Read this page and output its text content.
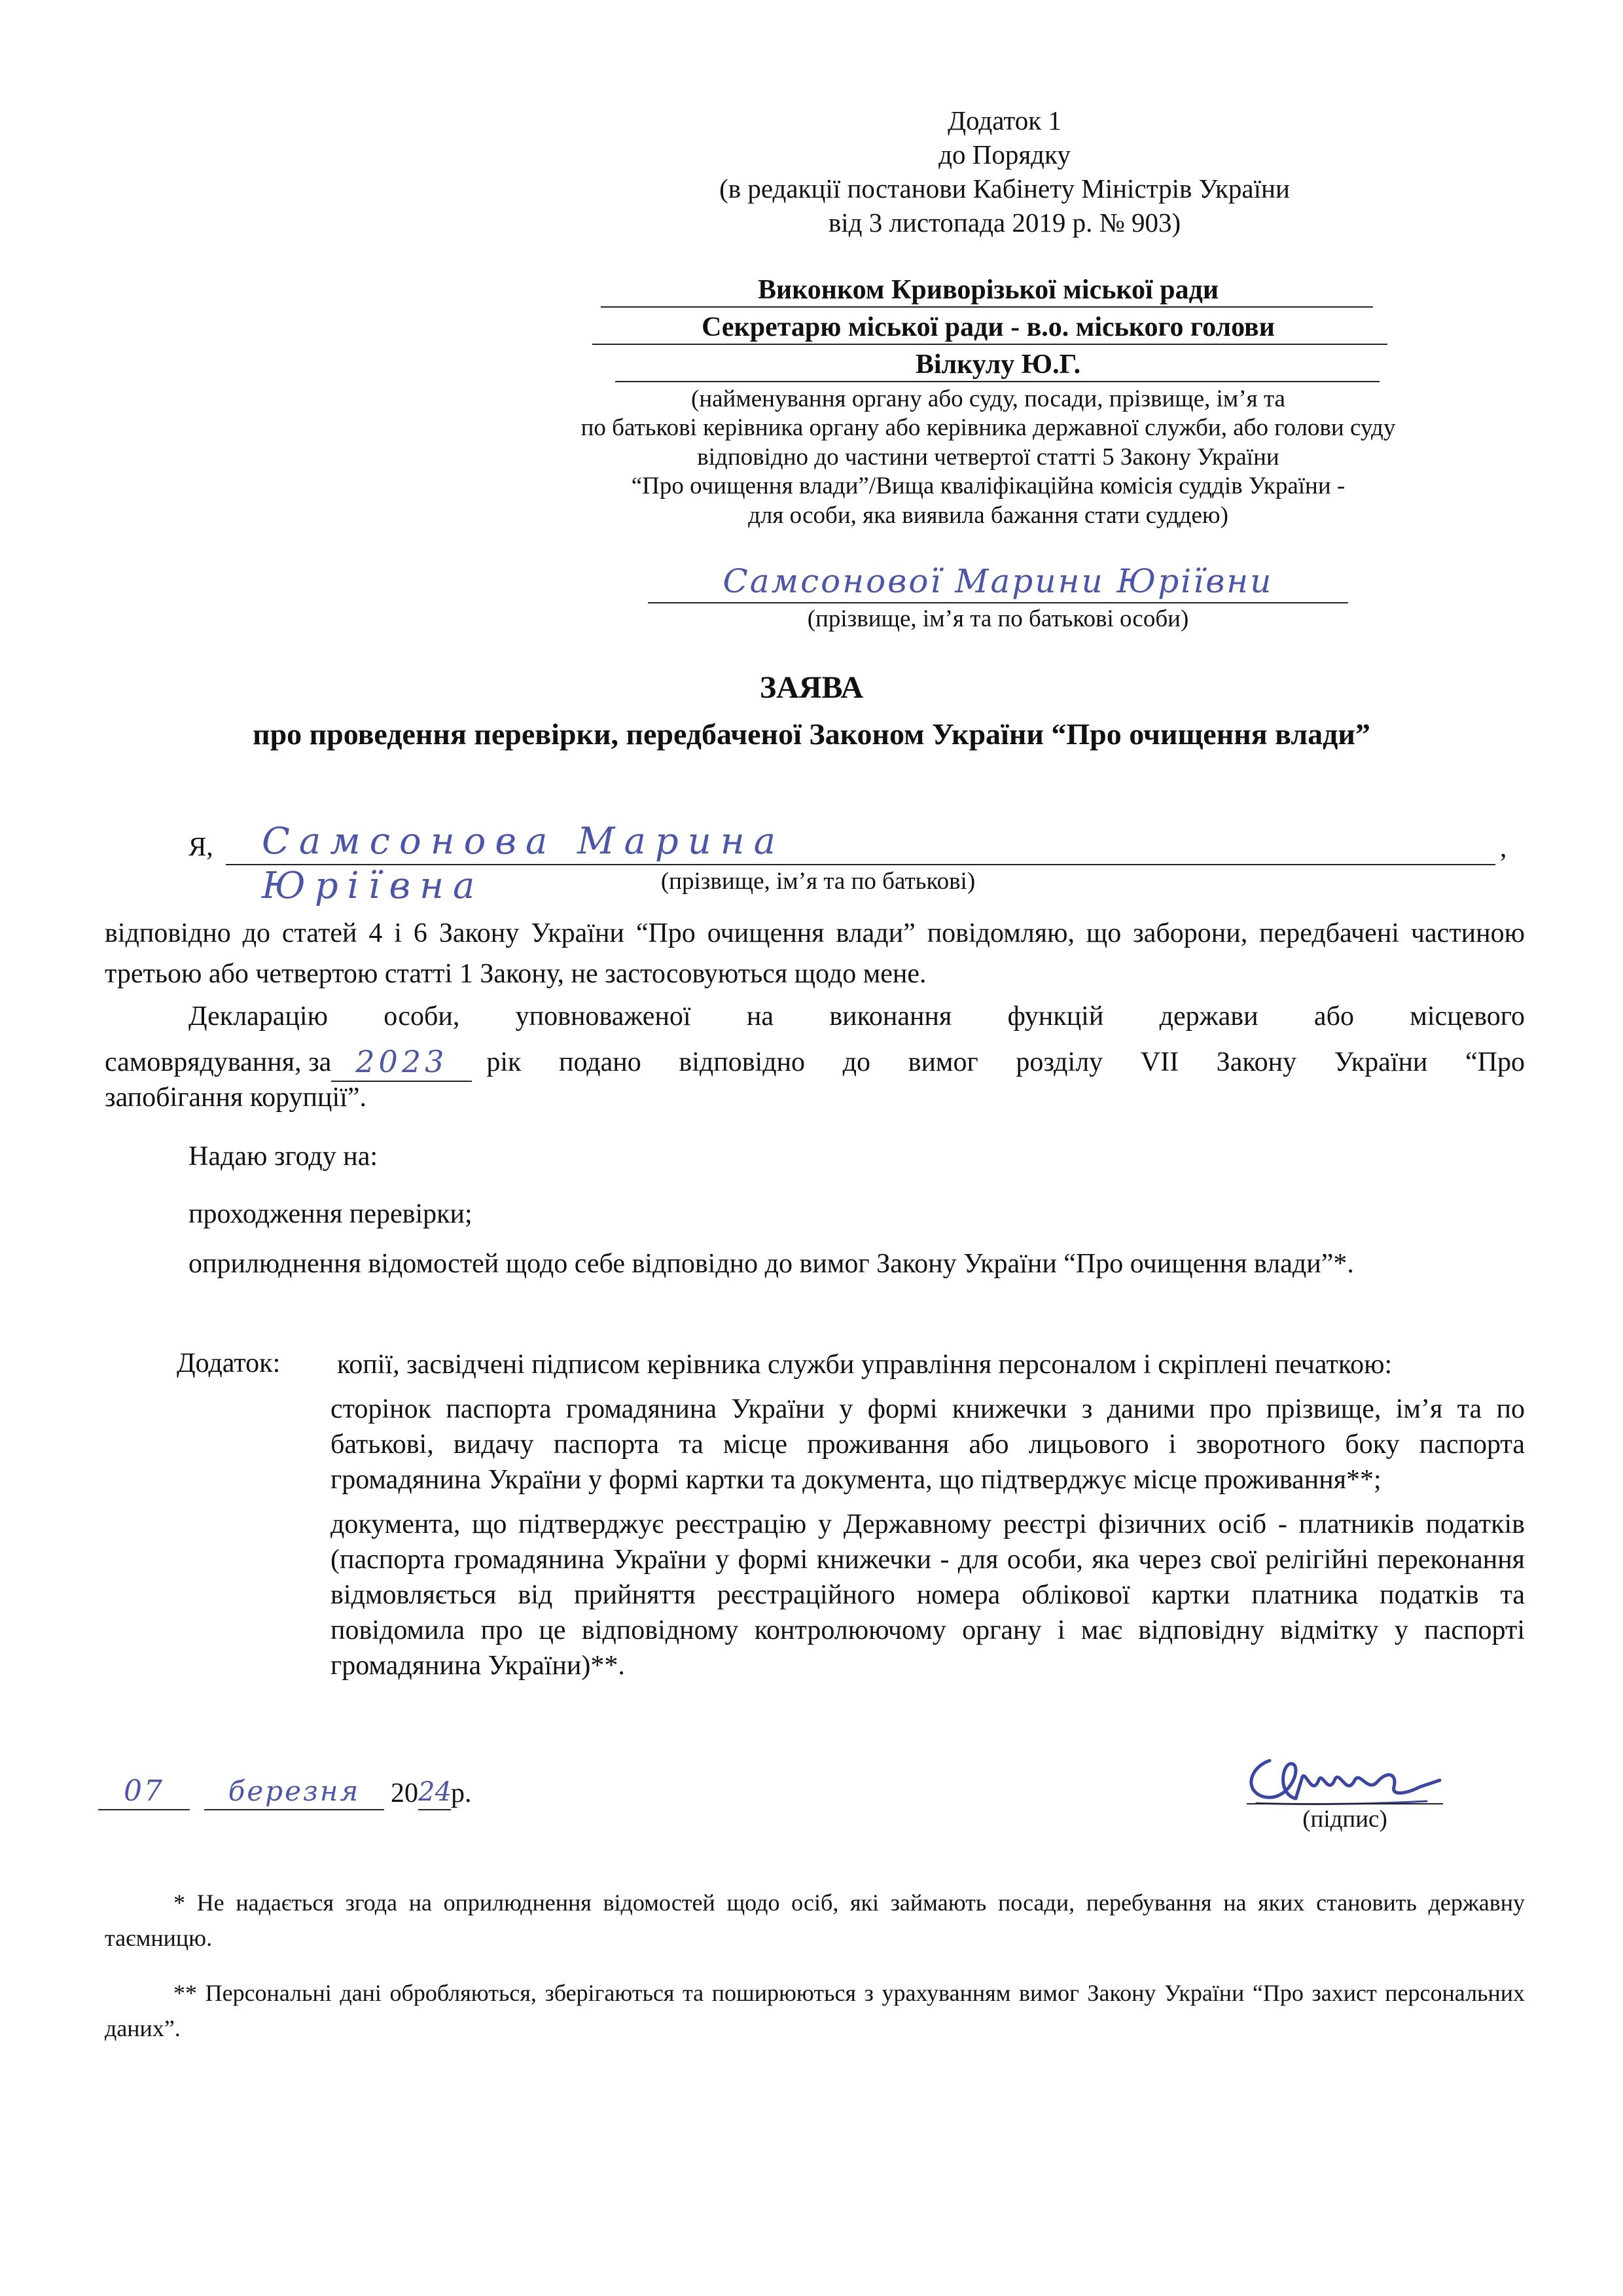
Додаток 1
до Порядку
(в редакції постанови Кабінету Міністрів України
від 3 листопада 2019 р. № 903)
Виконком Криворізької міської ради
Секретарю міської ради - в.о. міського голови
Вілкулу Ю.Г.
(найменування органу або суду, посади, прізвище, ім’я та
по батькові керівника органу або керівника державної служби, або голови суду
відповідно до частини четвертої статті 5 Закону України
“Про очищення влади”/Вища кваліфікаційна комісія суддів України -
для особи, яка виявила бажання стати суддею)
Самсонової Марини Юріївни
(прізвище, ім’я та по батькові особи)
ЗАЯВА
про проведення перевірки, передбаченої Законом України “Про очищення влади”
Я, Самсонова Марина Юріївна
,
(прізвище, ім’я та по батькові)
відповідно до статей 4 і 6 Закону України “Про очищення влади” повідомляю, що заборони, передбачені частиною третьою або четвертою статті 1 Закону, не застосовуються щодо мене.
Декларацію особи, уповноваженої на виконання функцій держави або місцевого
самоврядування, за 2023	рік подано відповідно до вимог розділу VII Закону України “Про
запобігання корупції”.
Надаю згоду на:
проходження перевірки;
оприлюднення відомостей щодо себе відповідно до вимог Закону України “Про очищення влади”*.
Додаток: копії, засвідчені підписом керівника служби управління персоналом і скріплені печаткою:
сторінок паспорта громадянина України у формі книжечки з даними про прізвище, ім’я та по батькові, видачу паспорта та місце проживання або лицьового і зворотного боку паспорта громадянина України у формі картки та документа, що підтверджує місце проживання**;
документа, що підтверджує реєстрацію у Державному реєстрі фізичних осіб - платників податків (паспорта громадянина України у формі книжечки - для особи, яка через свої релігійні переконання відмовляється від прийняття реєстраційного номера облікової картки платника податків та повідомила про це відповідному контролюючому органу і має відповідну відмітку у паспорті громадянина України)**.
07	березня	20 24 р.
(підпис)
* Не надається згода на оприлюднення відомостей щодо осіб, які займають посади, перебування на яких становить державну таємницю.
** Персональні дані обробляються, зберігаються та поширюються з урахуванням вимог Закону України “Про захист персональних даних”.
